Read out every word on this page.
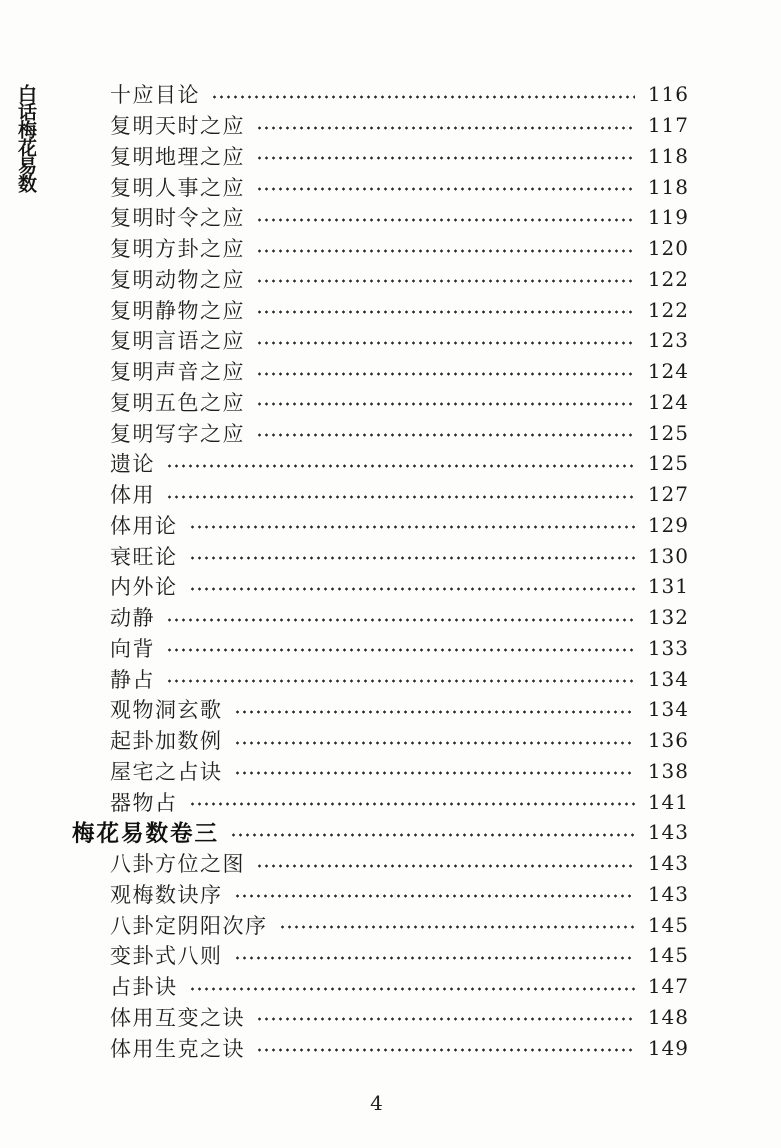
白话梅花易数	十应目论	116
复明天时之应	117
复明地理之应	118
复明人事之应	118
复明时令之应	119
复明方卦之应	120
复明动物之应	122
复明静物之应	122
复明言语之应	123
复明声音之应	124
复明五色之应	124
复明写字之应	125
遗论	125
体用	127
体用论	129
衰旺论	130
内外论	131
动静	132
向背	133
静占	134
观物洞玄歌	134
起卦加数例	136
屋宅之占诀	138
器物占	141
梅花易数卷三	143
八卦方位之图	143
观梅数诀序	143
八卦定阴阳次序	145
变卦式八则	145
占卦诀	147
体用互变之诀	148
体用生克之诀	149
4
